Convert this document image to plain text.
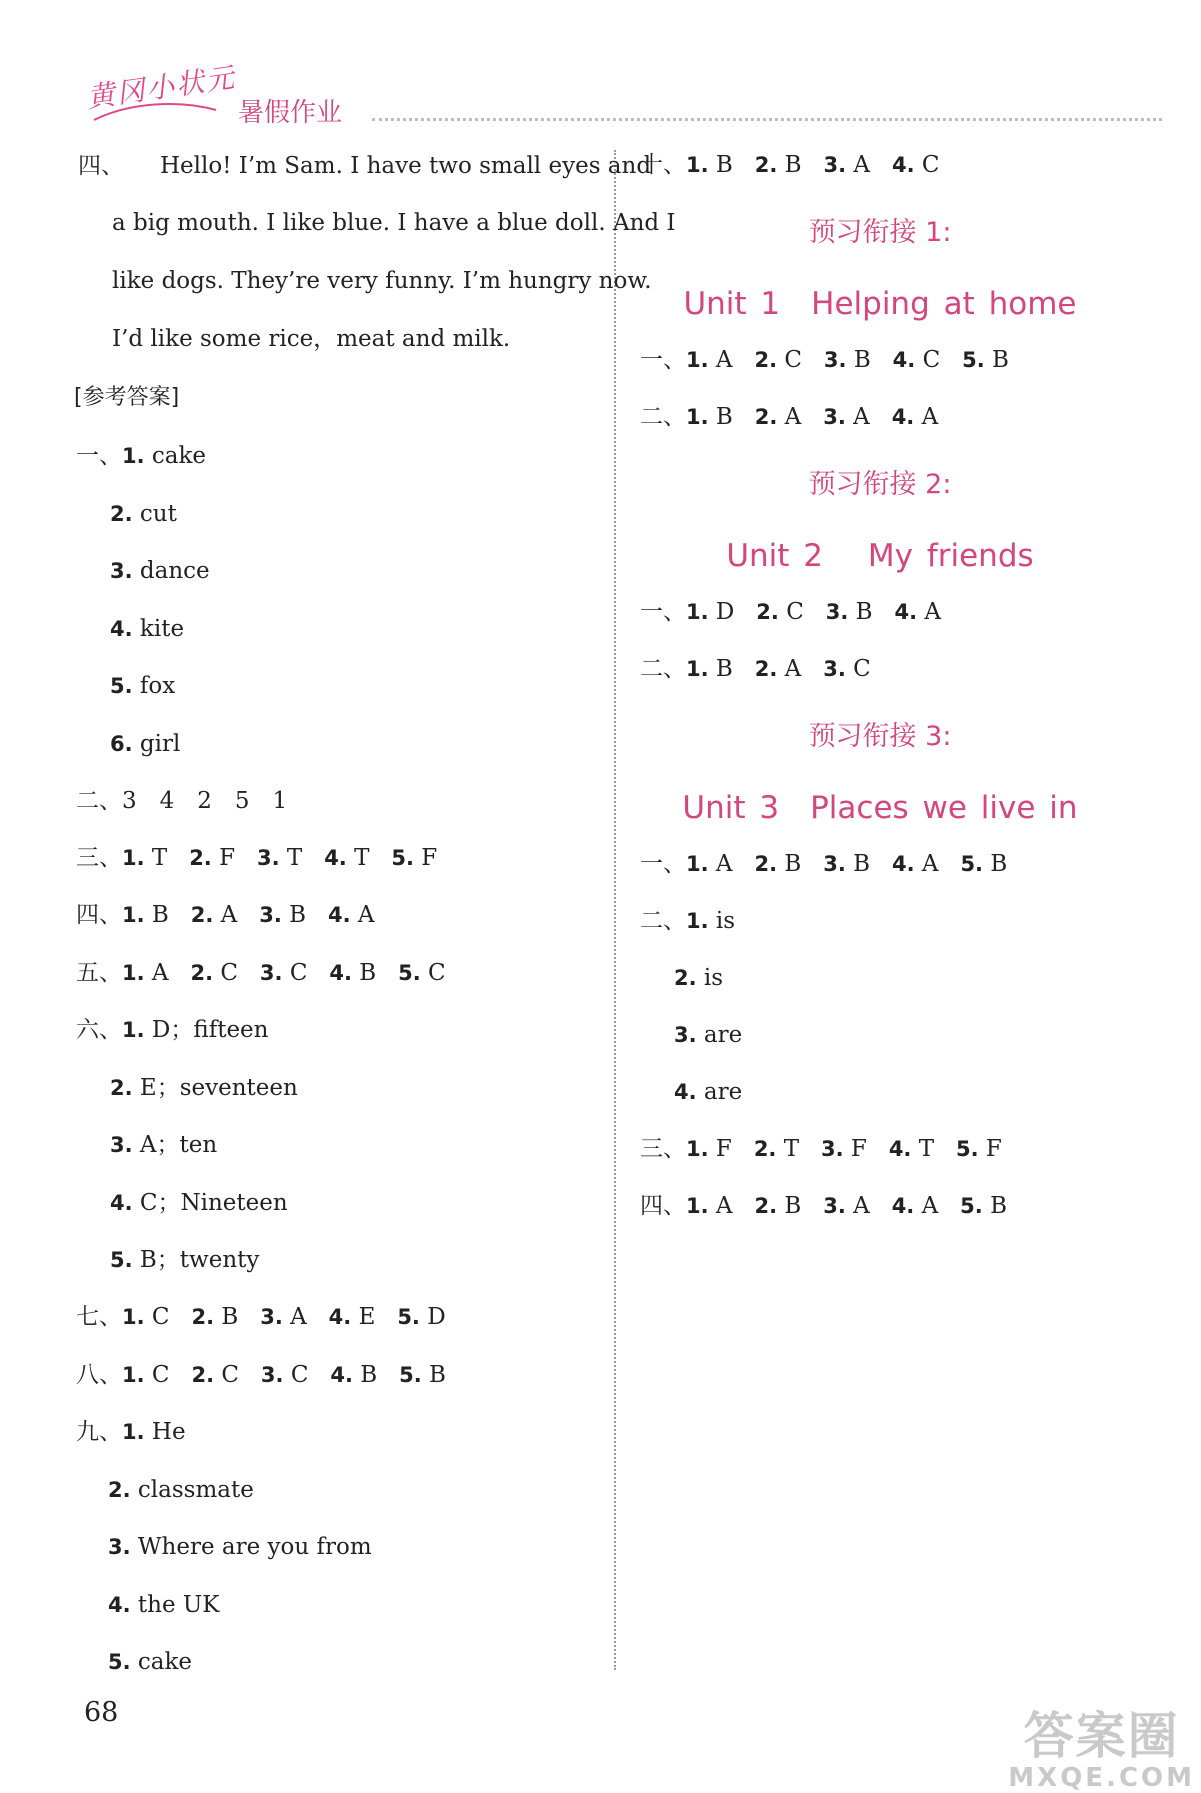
黄冈小状元 暑假作业
四、 Hello! I’m Sam. I have two small eyes and
a big mouth. I like blue. I have a blue doll. And I
like dogs. They’re very funny. I’m hungry now.
I’d like some rice，meat and milk.
[参考答案]
一、1. cake
2. cut
3. dance
4. kite
5. fox
6. girl
二、3　4　2　5　1
三、1. T 2. F 3. T 4. T 5. F
四、1. B 2. A 3. B 4. A
五、1. A 2. C 3. C 4. B 5. C
六、1. D；fifteen
2. E；seventeen
3. A；ten
4. C；Nineteen
5. B；twenty
七、1. C 2. B 3. A 4. E 5. D
八、1. C 2. C 3. C 4. B 5. B
九、1. He
2. classmate
3. Where are you from
4. the UK
5. cake
十、1. B 2. B 3. A 4. C
预习衔接 1:
Unit 1　Helping at home
一、1. A 2. C 3. B 4. C 5. B
二、1. B 2. A 3. A 4. A
预习衔接 2:
Unit 2　 My friends
一、1. D 2. C 3. B 4. A
二、1. B 2. A 3. C
预习衔接 3:
Unit 3　Places we live in
一、1. A 2. B 3. B 4. A 5. B
二、1. is
2. is
3. are
4. are
三、1. F 2. T 3. F 4. T 5. F
四、1. A 2. B 3. A 4. A 5. B
68	答案圈
MXQE.COM
